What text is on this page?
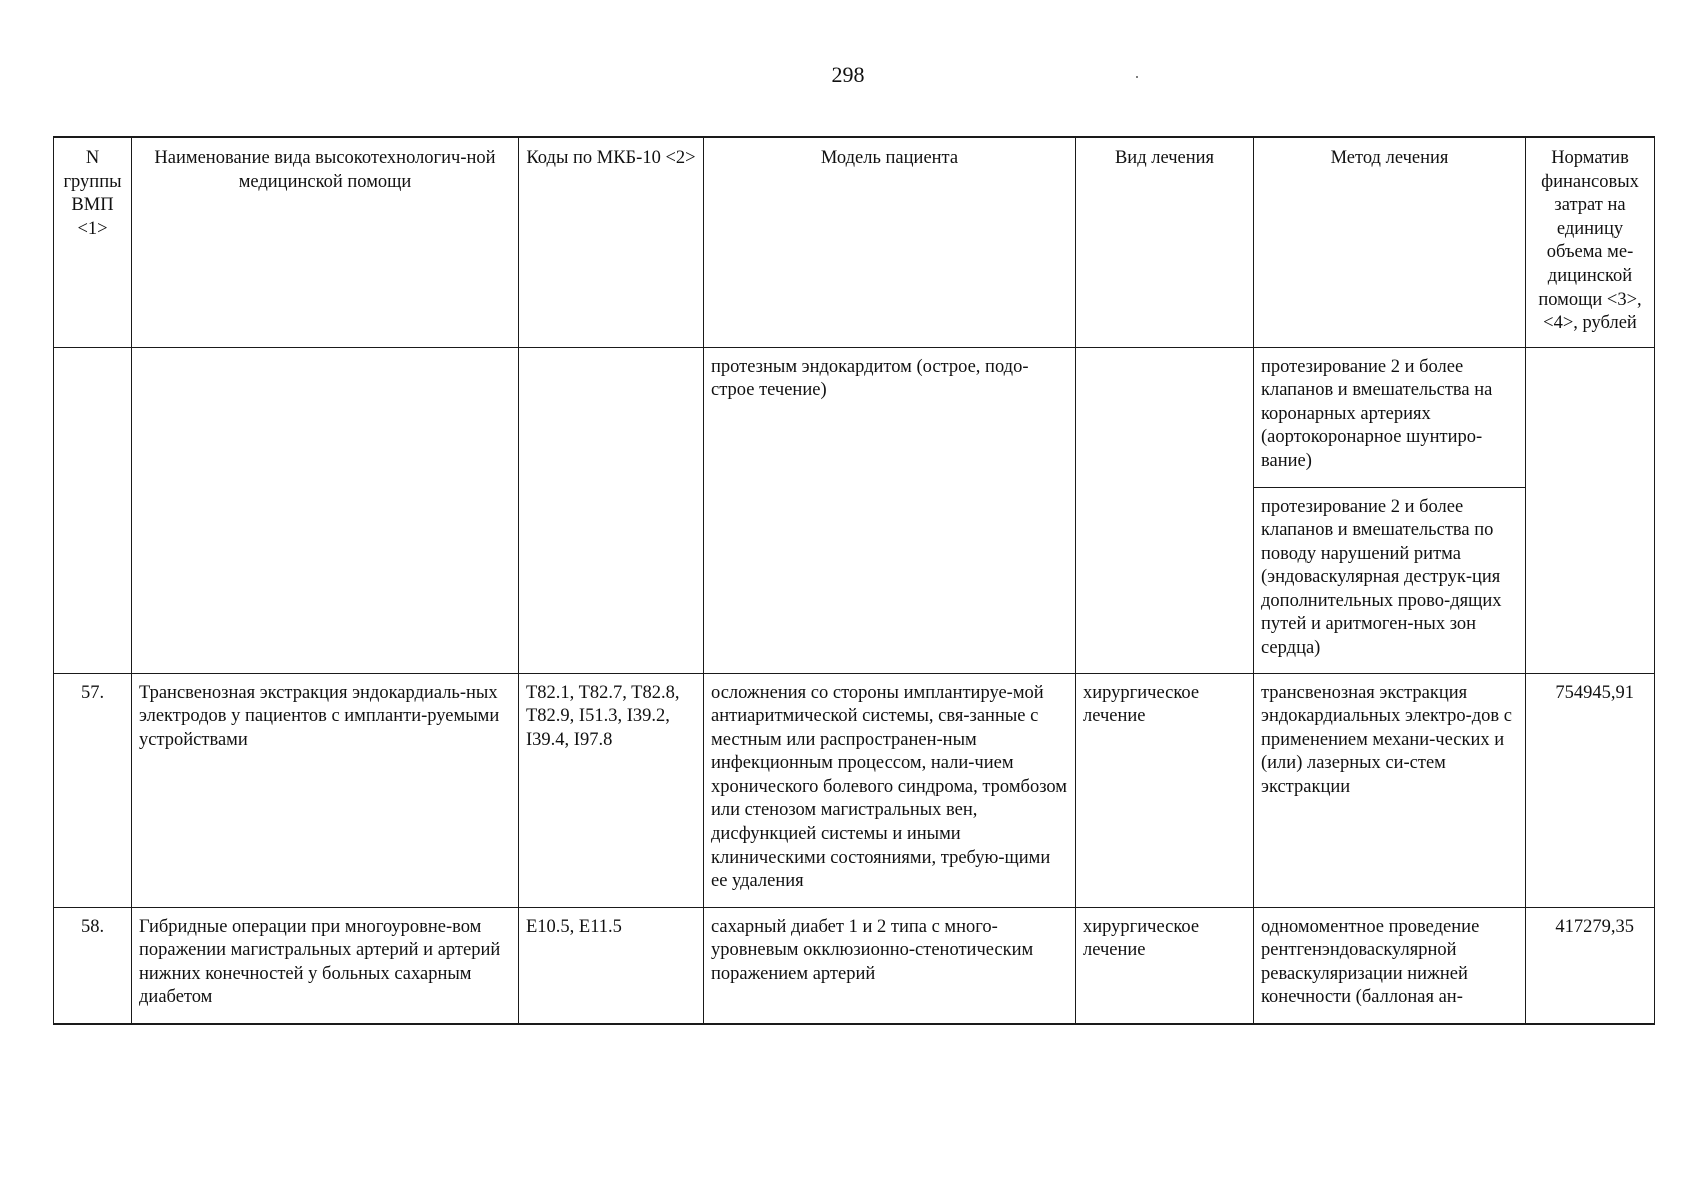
298
N группы ВМП <1>	Наименование вида высокотехнологич-ной медицинской помощи	Коды по МКБ-10 <2>	Модель пациента	Вид лечения	Метод лечения	Норматив финансовых затрат на единицу объема ме-дицинской помощи <3>, <4>, рублей
			протезным эндокардитом (острое, подо-строе течение)		протезирование 2 и более клапанов и вмешательства на коронарных артериях (аортокоронарное шунтиро-вание)	
					протезирование 2 и более клапанов и вмешательства по поводу нарушений ритма (эндоваскулярная деструк-ция дополнительных прово-дящих путей и аритмоген-ных зон сердца)	
57.	Трансвенозная экстракция эндокардиаль-ных электродов у пациентов с импланти-руемыми устройствами	T82.1, T82.7, T82.8, T82.9, I51.3, I39.2, I39.4, I97.8	осложнения со стороны имплантируе-мой антиаритмической системы, свя-занные с местным или распространен-ным инфекционным процессом, нали-чием хронического болевого синдрома, тромбозом или стенозом магистральных вен, дисфункцией системы и иными клиническими состояниями, требую-щими ее удаления	хирургическое лечение	трансвенозная экстракция эндокардиальных электро-дов с применением механи-ческих и (или) лазерных си-стем экстракции	754945,91
58.	Гибридные операции при многоуровне-вом поражении магистральных артерий и артерий нижних конечностей у больных сахарным диабетом	E10.5, E11.5	сахарный диабет 1 и 2 типа с много-уровневым окклюзионно-стенотическим поражением артерий	хирургическое лечение	одномоментное проведение рентгенэндоваскулярной реваскуляризации нижней конечности (баллоная ан-	417279,35
